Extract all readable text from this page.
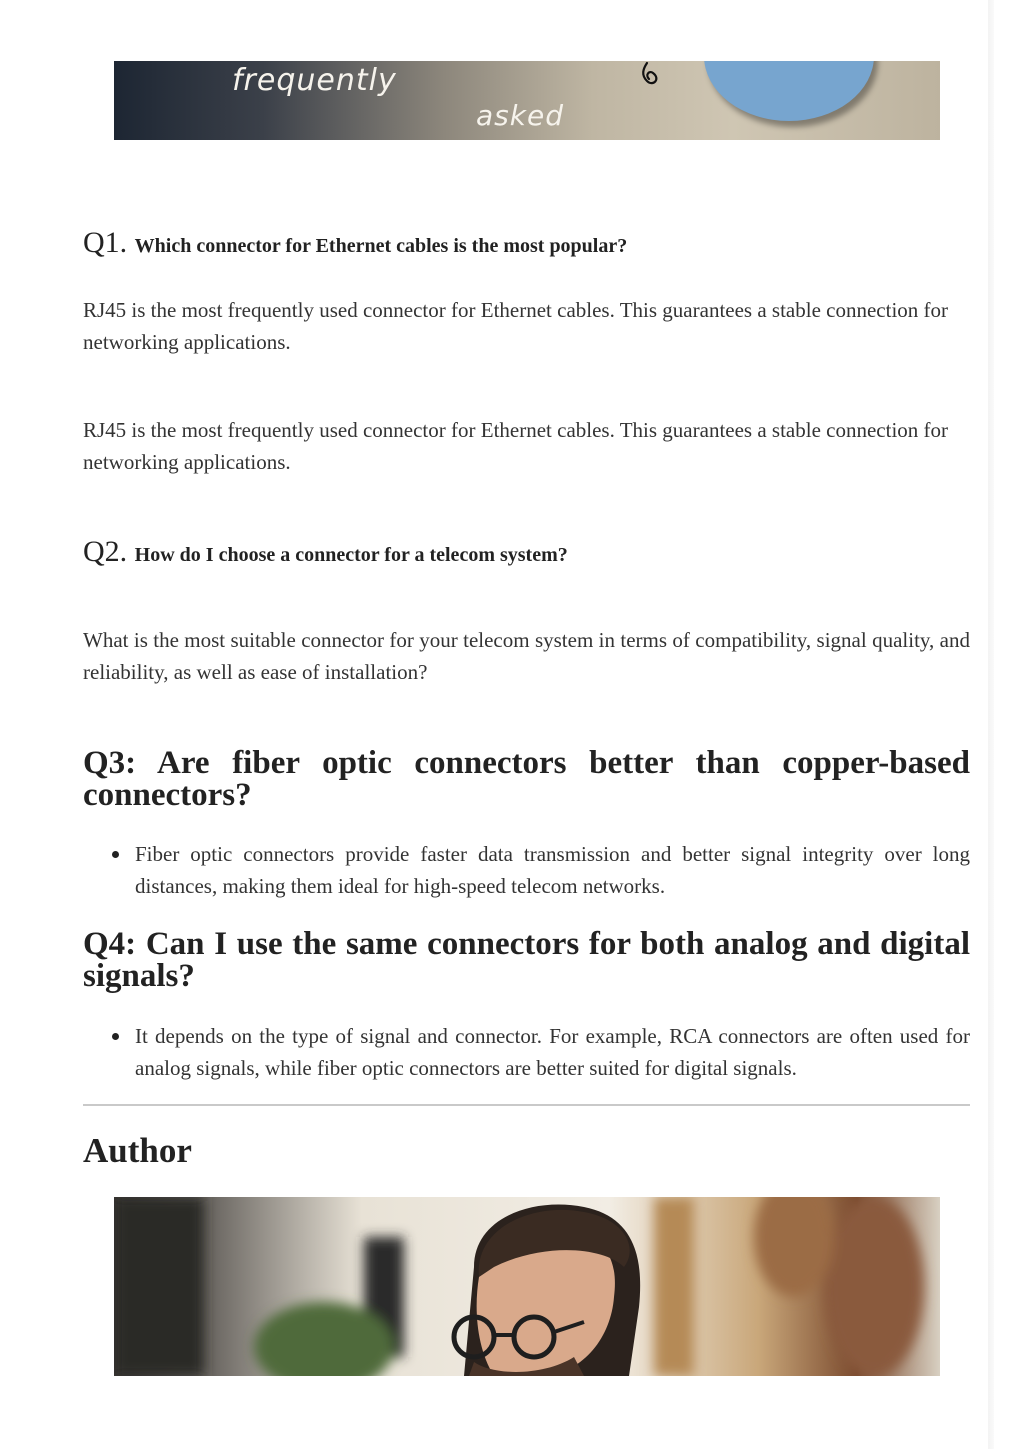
frequently
asked
Q1. Which connector for Ethernet cables is the most popular?

RJ45 is the most frequently used connector for Ethernet cables. This guarantees a stable connection for networking applications.

RJ45 is the most frequently used connector for Ethernet cables. This guarantees a stable connection for networking applications.

Q2. How do I choose a connector for a telecom system?

What is the most suitable connector for your telecom system in terms of compatibility, signal quality, and reliability, as well as ease of installation?

Q3: Are fiber optic connectors better than copper-based connectors?
Fiber optic connectors provide faster data transmission and better signal integrity over long distances, making them ideal for high-speed telecom networks.
Q4: Can I use the same connectors for both analog and digital signals?
It depends on the type of signal and connector. For example, RCA connectors are often used for analog signals, while fiber optic connectors are better suited for digital signals.
Author
